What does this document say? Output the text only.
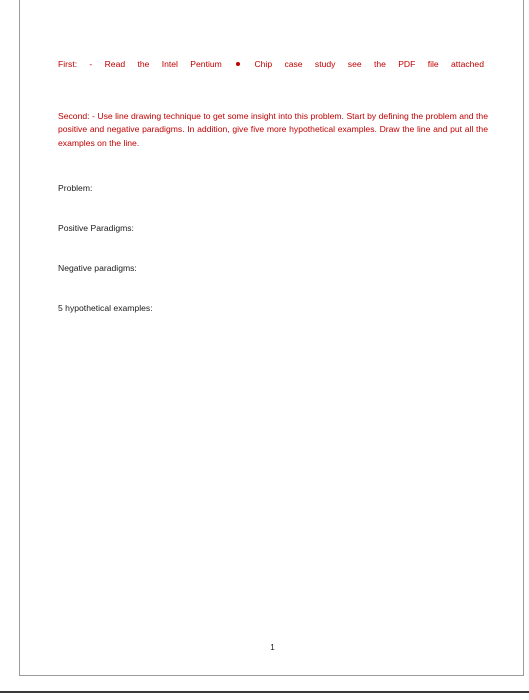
First: - Read the Intel Pentium	Chip case study see the PDF file attached
Second: - Use line drawing technique to get some insight into this problem. Start by defining the problem and the positive and negative paradigms. In addition, give five more hypothetical examples. Draw the line and put all the examples on the line.
Problem:
Positive Paradigms:
Negative paradigms:
5 hypothetical examples:
1
